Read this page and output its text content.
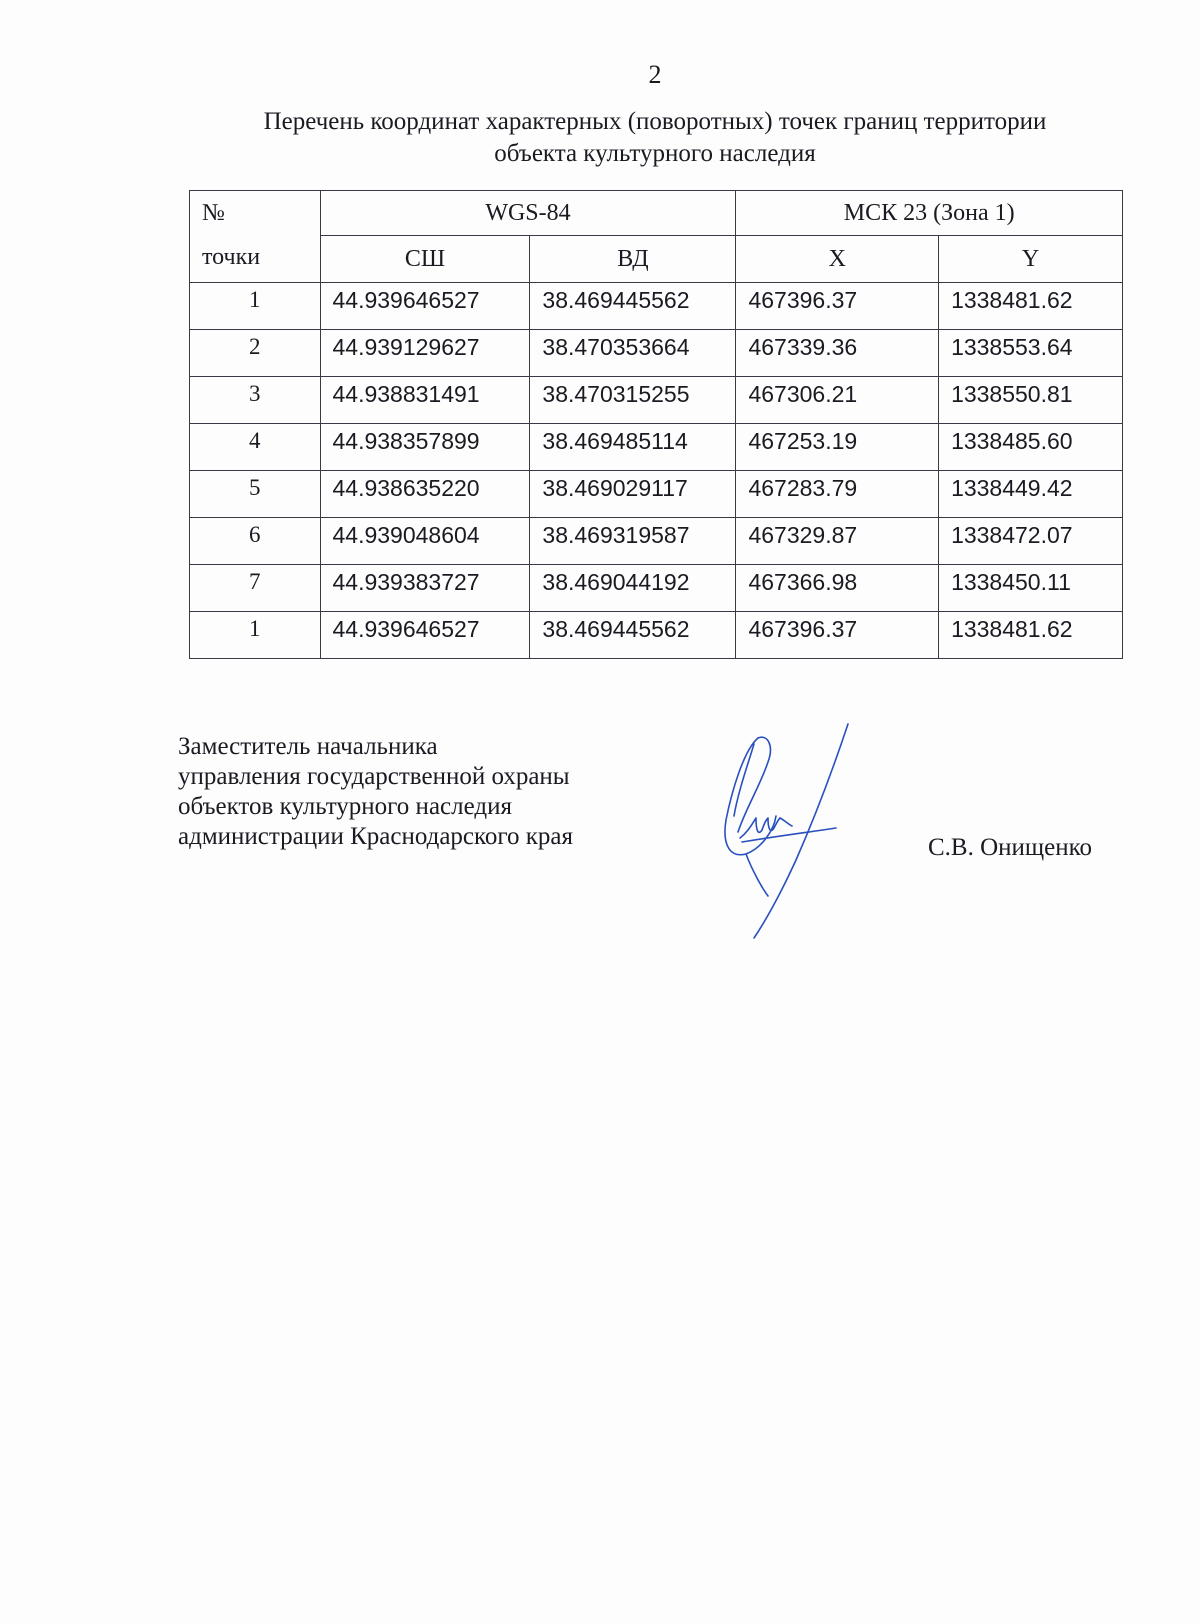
2
Перечень координат характерных (поворотных) точек границ территории
объекта культурного наследия
№
точки	WGS-84		МСК 23 (Зона 1)	
	СШ	ВД	X	Y
1	44.939646527	38.469445562	467396.37	1338481.62
2	44.939129627	38.470353664	467339.36	1338553.64
3	44.938831491	38.470315255	467306.21	1338550.81
4	44.938357899	38.469485114	467253.19	1338485.60
5	44.938635220	38.469029117	467283.79	1338449.42
6	44.939048604	38.469319587	467329.87	1338472.07
7	44.939383727	38.469044192	467366.98	1338450.11
1	44.939646527	38.469445562	467396.37	1338481.62
Заместитель начальника
управления государственной охраны
объектов культурного наследия
администрации Краснодарского края	С.В. Онищенко
